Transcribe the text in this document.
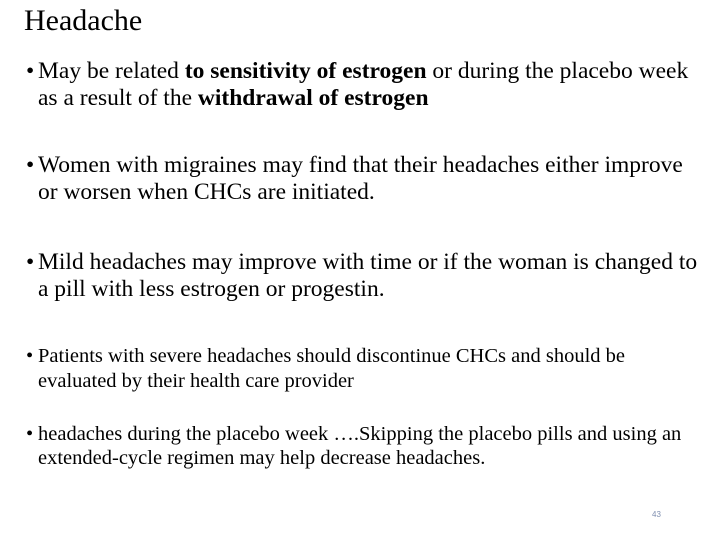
Headache
• May be related to sensitivity of estrogen or during the placebo week as a result of the withdrawal of estrogen
• Women with migraines may find that their headaches either improve or worsen when CHCs are initiated.
• Mild headaches may improve with time or if the woman is changed to a pill with less estrogen or progestin.
• Patients with severe headaches should discontinue CHCs and should be evaluated by their health care provider
• headaches during the placebo week ….Skipping the placebo pills and using an extended-cycle regimen may help decrease headaches.
43
